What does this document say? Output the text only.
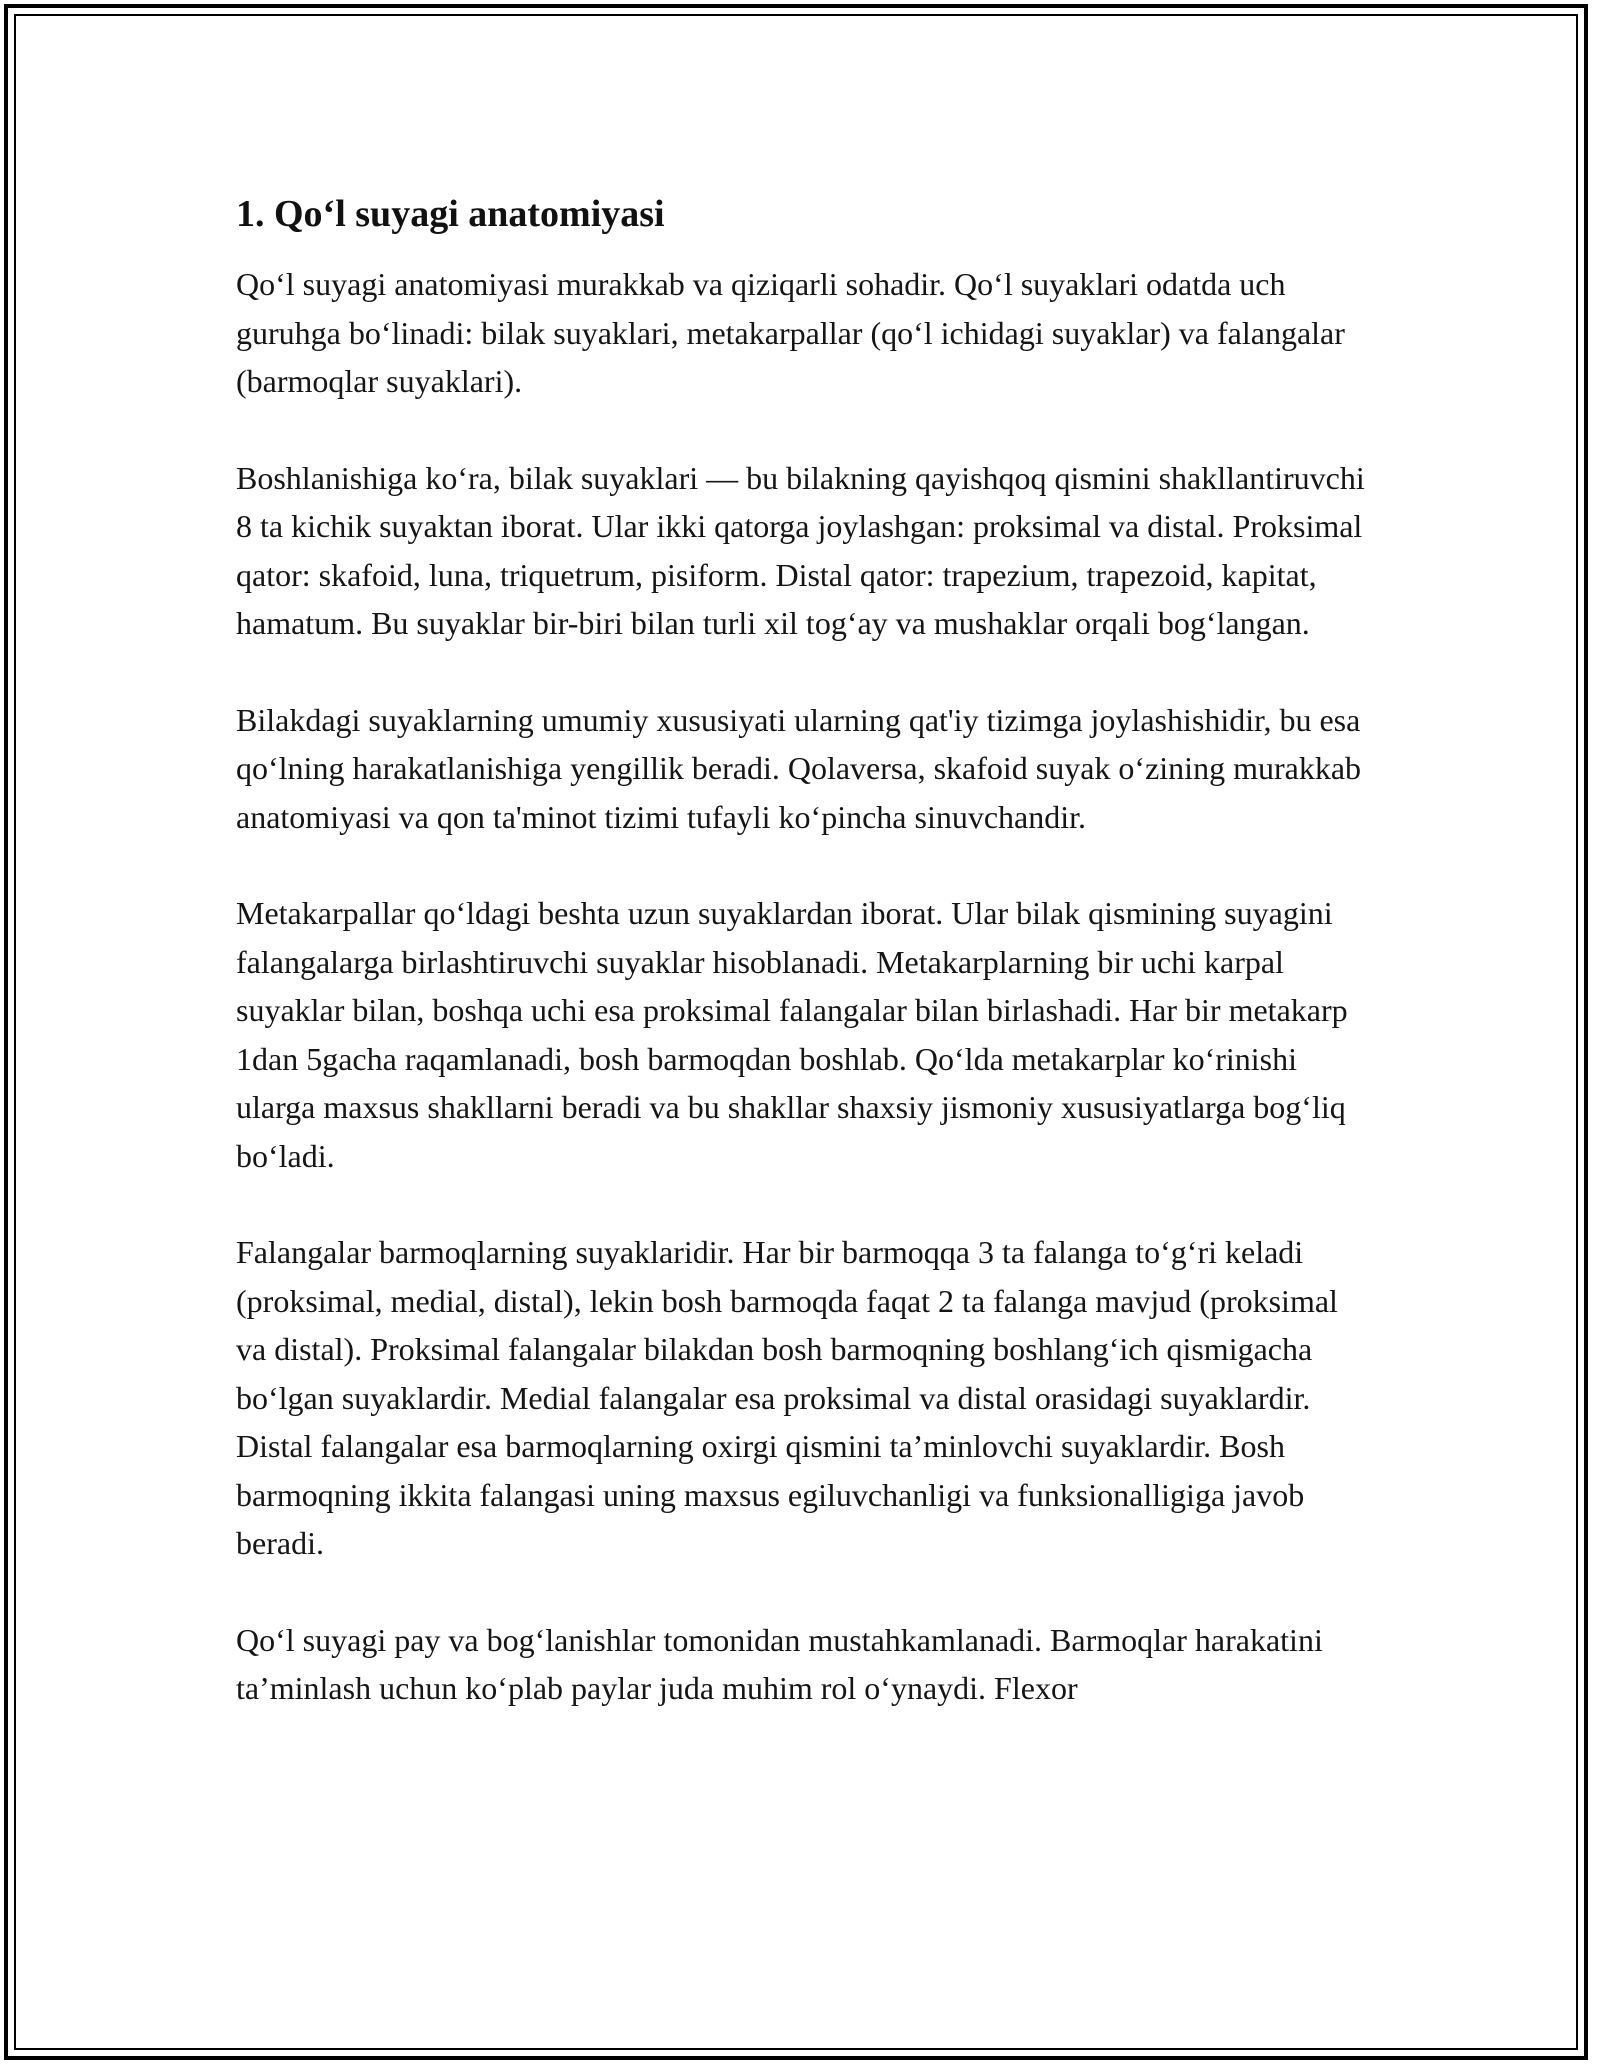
1. Qo‘l suyagi anatomiyasi

Qo‘l suyagi anatomiyasi murakkab va qiziqarli sohadir. Qo‘l suyaklari odatda uch guruhga bo‘linadi: bilak suyaklari, metakarpallar (qo‘l ichidagi suyaklar) va falangalar (barmoqlar suyaklari).

Boshlanishiga ko‘ra, bilak suyaklari — bu bilakning qayishqoq qismini shakllantiruvchi 8 ta kichik suyaktan iborat. Ular ikki qatorga joylashgan: proksimal va distal. Proksimal qator: skafoid, luna, triquetrum, pisiform. Distal qator: trapezium, trapezoid, kapitat, hamatum. Bu suyaklar bir-biri bilan turli xil tog‘ay va mushaklar orqali bog‘langan.

Bilakdagi suyaklarning umumiy xususiyati ularning qat'iy tizimga joylashishidir, bu esa qo‘lning harakatlanishiga yengillik beradi. Qolaversa, skafoid suyak o‘zining murakkab anatomiyasi va qon ta'minot tizimi tufayli ko‘pincha sinuvchandir.

Metakarpallar qo‘ldagi beshta uzun suyaklardan iborat. Ular bilak qismining suyagini falangalarga birlashtiruvchi suyaklar hisoblanadi. Metakarplarning bir uchi karpal suyaklar bilan, boshqa uchi esa proksimal falangalar bilan birlashadi. Har bir metakarp 1dan 5gacha raqamlanadi, bosh barmoqdan boshlab. Qo‘lda metakarplar ko‘rinishi ularga maxsus shakllarni beradi va bu shakllar shaxsiy jismoniy xususiyatlarga bog‘liq bo‘ladi.

Falangalar barmoqlarning suyaklaridir. Har bir barmoqqa 3 ta falanga to‘g‘ri keladi (proksimal, medial, distal), lekin bosh barmoqda faqat 2 ta falanga mavjud (proksimal va distal). Proksimal falangalar bilakdan bosh barmoqning boshlang‘ich qismigacha bo‘lgan suyaklardir. Medial falangalar esa proksimal va distal orasidagi suyaklardir. Distal falangalar esa barmoqlarning oxirgi qismini ta’minlovchi suyaklardir. Bosh barmoqning ikkita falangasi uning maxsus egiluvchanligi va funksionalligiga javob beradi.

Qo‘l suyagi pay va bog‘lanishlar tomonidan mustahkamlanadi. Barmoqlar harakatini ta’minlash uchun ko‘plab paylar juda muhim rol o‘ynaydi. Flexor
